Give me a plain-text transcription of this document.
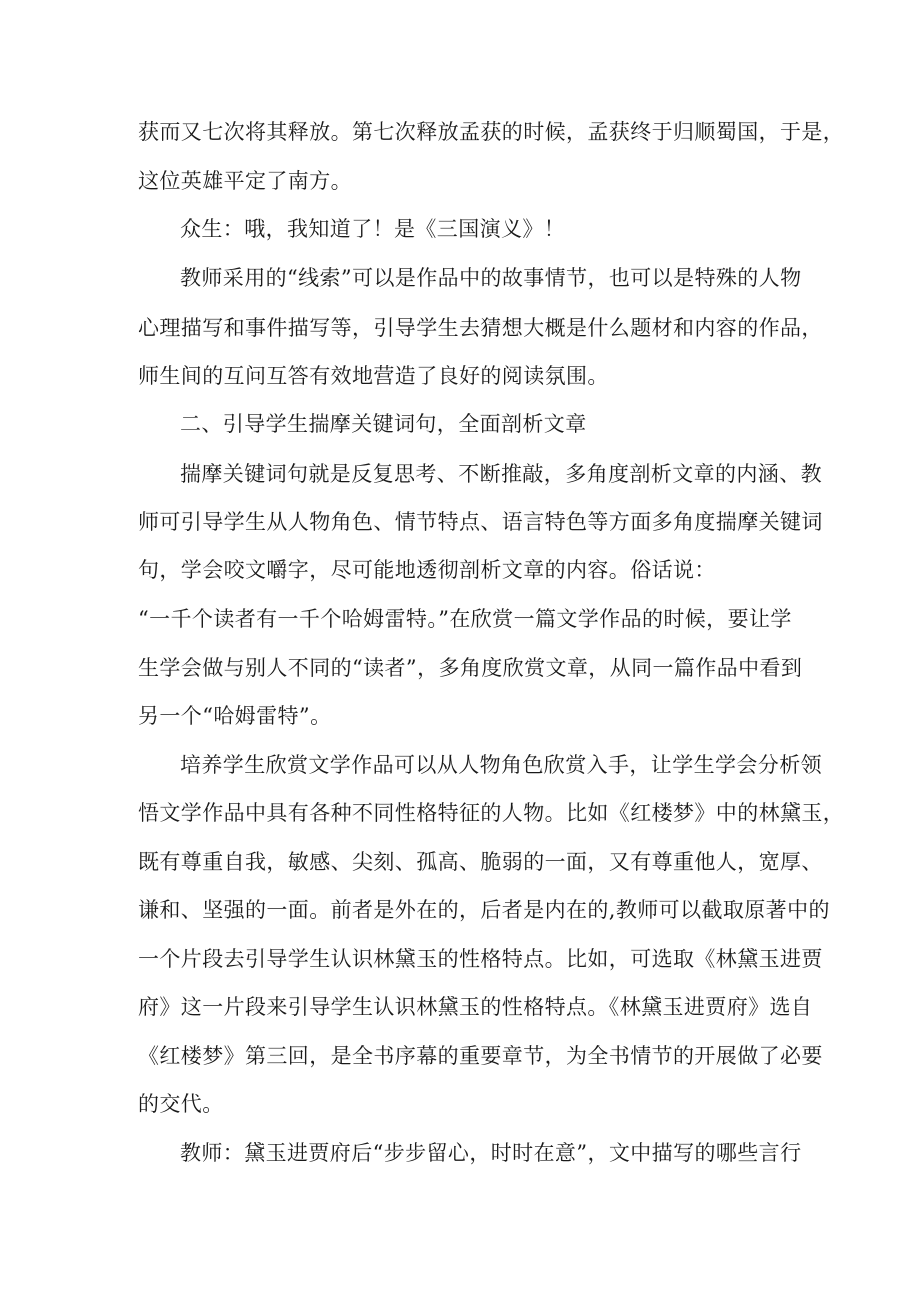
获而又七次将其释放。第七次释放孟获的时候，孟获终于归顺蜀国，于是，
这位英雄平定了南方。
众生：哦，我知道了！是《三国演义》！
教师采用的“线索”可以是作品中的故事情节，也可以是特殊的人物
心理描写和事件描写等，引导学生去猜想大概是什么题材和内容的作品，
师生间的互问互答有效地营造了良好的阅读氛围。
二、引导学生揣摩关键词句，全面剖析文章
揣摩关键词句就是反复思考、不断推敲，多角度剖析文章的内涵、教
师可引导学生从人物角色、情节特点、语言特色等方面多角度揣摩关键词
句，学会咬文嚼字，尽可能地透彻剖析文章的内容。俗话说：
“一千个读者有一千个哈姆雷特。”在欣赏一篇文学作品的时候，要让学
生学会做与别人不同的“读者”，多角度欣赏文章，从同一篇作品中看到
另一个“哈姆雷特”。
培养学生欣赏文学作品可以从人物角色欣赏入手，让学生学会分析领
悟文学作品中具有各种不同性格特征的人物。比如《红楼梦》中的林黛玉，
既有尊重自我，敏感、尖刻、孤高、脆弱的一面，又有尊重他人，宽厚、
谦和、坚强的一面。前者是外在的，后者是内在的,教师可以截取原著中的
一个片段去引导学生认识林黛玉的性格特点。比如，可选取《林黛玉进贾
府》这一片段来引导学生认识林黛玉的性格特点。《林黛玉进贾府》选自
《红楼梦》第三回，是全书序幕的重要章节，为全书情节的开展做了必要
的交代。
教师：黛玉进贾府后“步步留心，时时在意”，文中描写的哪些言行
